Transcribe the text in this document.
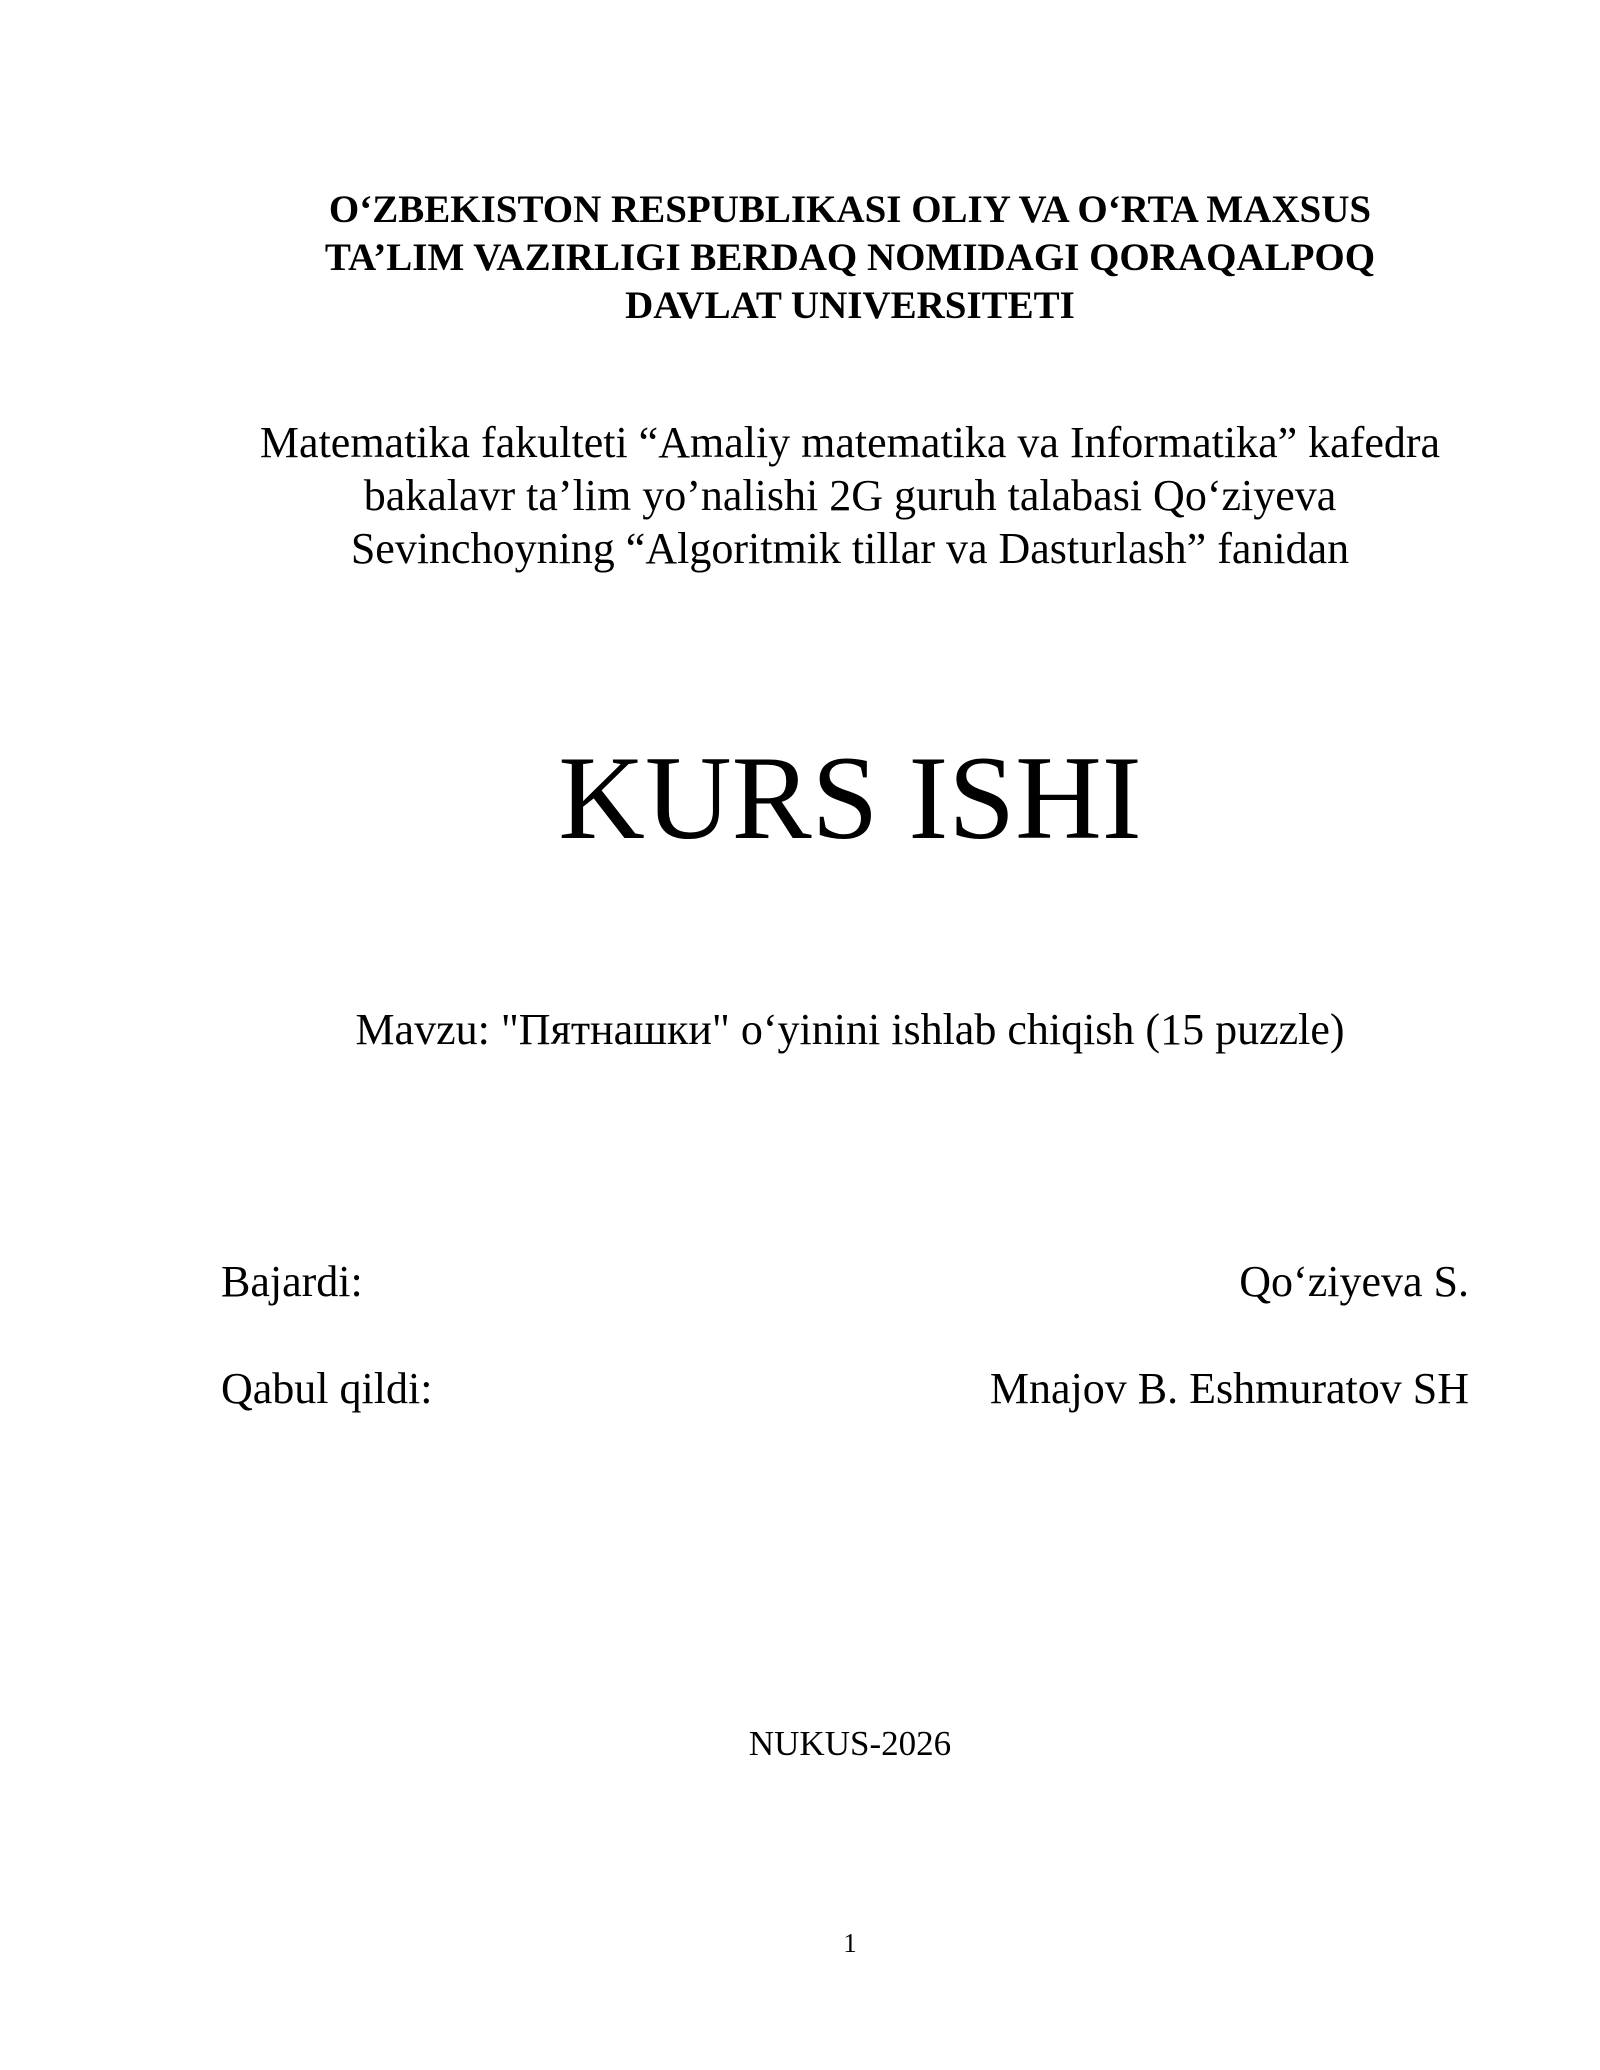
O‘ZBEKISTON RESPUBLIKASI OLIY VA O‘RTA MAXSUS
TA’LIM VAZIRLIGI BERDAQ NOMIDAGI QORAQALPOQ
DAVLAT UNIVERSITETI
Matematika fakulteti “Amaliy matematika va Informatika” kafedra
bakalavr ta’lim yo’nalishi 2G guruh talabasi Qo‘ziyeva
Sevinchoyning “Algoritmik tillar va Dasturlash” fanidan
KURS ISHI
Mavzu: "Пятнашки" o‘yinini ishlab chiqish (15 puzzle)
Bajardi:	Qo‘ziyeva S.
Qabul qildi:	Mnajov B. Eshmuratov SH
NUKUS-2026
1
